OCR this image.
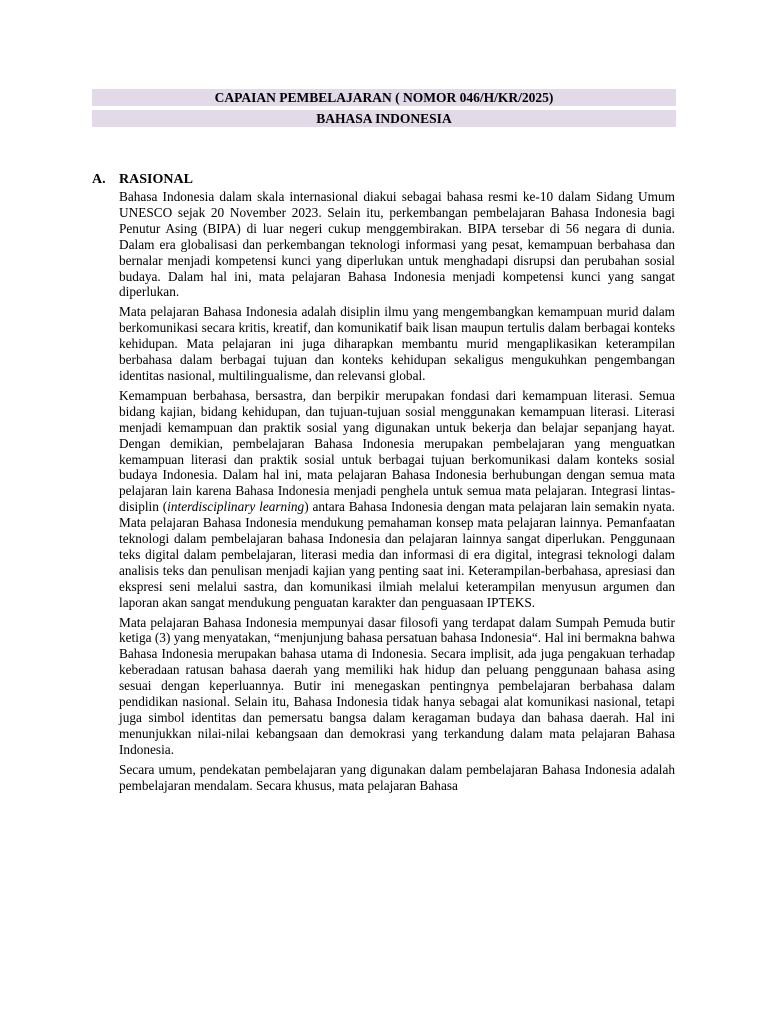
CAPAIAN PEMBELAJARAN ( NOMOR 046/H/KR/2025)
BAHASA INDONESIA
A. RASIONAL

Bahasa Indonesia dalam skala internasional diakui sebagai bahasa resmi ke-10 dalam Sidang Umum UNESCO sejak 20 November 2023. Selain itu, perkembangan pembelajaran Bahasa Indonesia bagi Penutur Asing (BIPA) di luar negeri cukup menggembirakan. BIPA tersebar di 56 negara di dunia. Dalam era globalisasi dan perkembangan teknologi informasi yang pesat, kemampuan berbahasa dan bernalar menjadi kompetensi kunci yang diperlukan untuk menghadapi disrupsi dan perubahan sosial budaya. Dalam hal ini, mata pelajaran Bahasa Indonesia menjadi kompetensi kunci yang sangat diperlukan.

Mata pelajaran Bahasa Indonesia adalah disiplin ilmu yang mengembangkan kemampuan murid dalam berkomunikasi secara kritis, kreatif, dan komunikatif baik lisan maupun tertulis dalam berbagai konteks kehidupan. Mata pelajaran ini juga diharapkan membantu murid mengaplikasikan keterampilan berbahasa dalam berbagai tujuan dan konteks kehidupan sekaligus mengukuhkan pengembangan identitas nasional, multilingualisme, dan relevansi global.

Kemampuan berbahasa, bersastra, dan berpikir merupakan fondasi dari kemampuan literasi. Semua bidang kajian, bidang kehidupan, dan tujuan-tujuan sosial menggunakan kemampuan literasi. Literasi menjadi kemampuan dan praktik sosial yang digunakan untuk bekerja dan belajar sepanjang hayat. Dengan demikian, pembelajaran Bahasa Indonesia merupakan pembelajaran yang menguatkan kemampuan literasi dan praktik sosial untuk berbagai tujuan berkomunikasi dalam konteks sosial budaya Indonesia. Dalam hal ini, mata pelajaran Bahasa Indonesia berhubungan dengan semua mata pelajaran lain karena Bahasa Indonesia menjadi penghela untuk semua mata pelajaran. Integrasi lintas-disiplin (interdisciplinary learning) antara Bahasa Indonesia dengan mata pelajaran lain semakin nyata. Mata pelajaran Bahasa Indonesia mendukung pemahaman konsep mata pelajaran lainnya. Pemanfaatan teknologi dalam pembelajaran bahasa Indonesia dan pelajaran lainnya sangat diperlukan. Penggunaan teks digital dalam pembelajaran, literasi media dan informasi di era digital, integrasi teknologi dalam analisis teks dan penulisan menjadi kajian yang penting saat ini. Keterampilan-berbahasa, apresiasi dan ekspresi seni melalui sastra, dan komunikasi ilmiah melalui keterampilan menyusun argumen dan laporan akan sangat mendukung penguatan karakter dan penguasaan IPTEKS.

Mata pelajaran Bahasa Indonesia mempunyai dasar filosofi yang terdapat dalam Sumpah Pemuda butir ketiga (3) yang menyatakan, “menjunjung bahasa persatuan bahasa Indonesia“. Hal ini bermakna bahwa Bahasa Indonesia merupakan bahasa utama di Indonesia. Secara implisit, ada juga pengakuan terhadap keberadaan ratusan bahasa daerah yang memiliki hak hidup dan peluang penggunaan bahasa asing sesuai dengan keperluannya. Butir ini menegaskan pentingnya pembelajaran berbahasa dalam pendidikan nasional. Selain itu, Bahasa Indonesia tidak hanya sebagai alat komunikasi nasional, tetapi juga simbol identitas dan pemersatu bangsa dalam keragaman budaya dan bahasa daerah. Hal ini menunjukkan nilai-nilai kebangsaan dan demokrasi yang terkandung dalam mata pelajaran Bahasa Indonesia.

Secara umum, pendekatan pembelajaran yang digunakan dalam pembelajaran Bahasa Indonesia adalah pembelajaran mendalam. Secara khusus, mata pelajaran Bahasa
